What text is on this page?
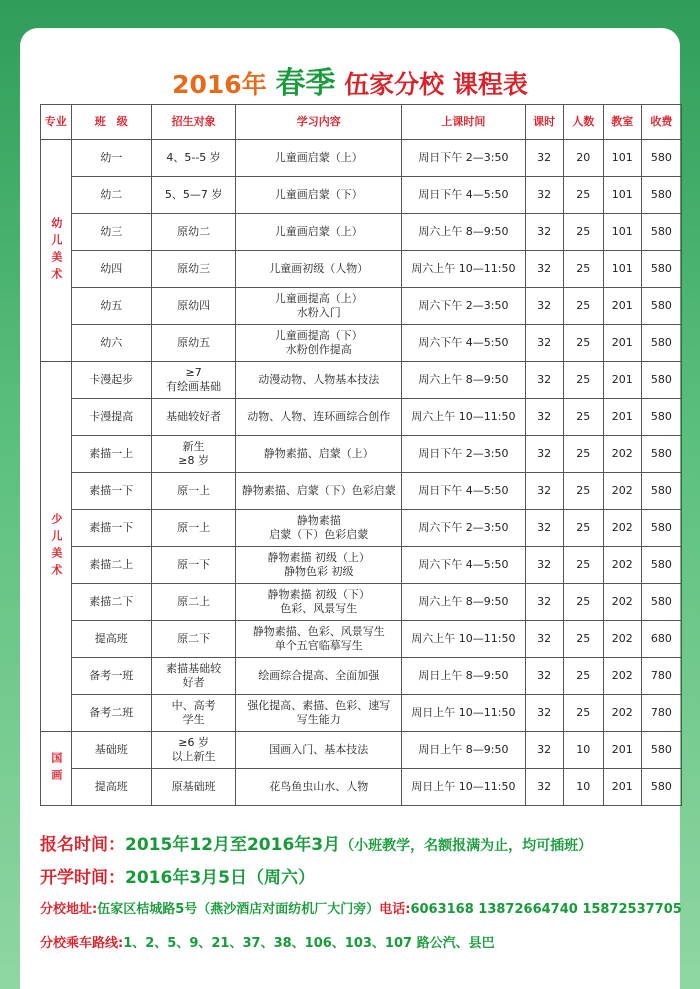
2016年 春季 伍家分校 课程表
专业	班　级	招生对象	学习内容	上课时间	课时	人数	教室	收费
幼儿美术	幼一	4、5--5 岁	儿童画启蒙（上）	周日下午 2—3:50	32	20	101	580
	幼二	5、5—7 岁	儿童画启蒙（下）	周日下午 4—5:50	32	25	101	580
	幼三	原幼二	儿童画启蒙（上）	周六上午 8—9:50	32	25	101	580
	幼四	原幼三	儿童画初级（人物）	周六上午 10—11:50	32	25	101	580
	幼五	原幼四	儿童画提高（上）
水粉入门	周六下午 2—3:50	32	25	201	580
	幼六	原幼五	儿童画提高（下）
水粉创作提高	周六下午 4—5:50	32	25	201	580
少儿美术	卡漫起步	≥7
有绘画基础	动漫动物、人物基本技法	周六上午 8—9:50	32	25	201	580
	卡漫提高	基础较好者	动物、人物、连环画综合创作	周六上午 10—11:50	32	25	201	580
	素描一上	新生
≥8 岁	静物素描、启蒙（上）	周日下午 2—3:50	32	25	202	580
	素描一下	原一上	静物素描、启蒙（下）色彩启蒙	周日下午 4—5:50	32	25	202	580
	素描一下	原一上	静物素描
启蒙（下）色彩启蒙	周六下午 2—3:50	32	25	202	580
	素描二上	原一下	静物素描 初级（上）
静物色彩 初级	周六下午 4—5:50	32	25	202	580
	素描二下	原二上	静物素描 初级（下）
色彩、风景写生	周六上午 8—9:50	32	25	202	580
	提高班	原二下	静物素描、色彩、风景写生
单个五官临摹写生	周六上午 10—11:50	32	25	202	680
	备考一班	素描基础较
好者	绘画综合提高、全面加强	周日上午 8—9:50	32	25	202	780
	备考二班	中、高考
学生	强化提高、素描、色彩、速写
写生能力	周日上午 10—11:50	32	25	202	780
国画	基础班	≥6 岁
以上新生	国画入门、基本技法	周日上午 8—9:50	32	10	201	580
	提高班	原基础班	花鸟鱼虫山水、人物	周日上午 10—11:50	32	10	201	580
报名时间：2015年12月至2016年3月（小班教学，名额报满为止，均可插班）
开学时间：2016年3月5日（周六）
分校地址:伍家区桔城路5号（燕沙酒店对面纺机厂大门旁）电话:6063168 13872664740 15872537705
分校乘车路线:1、2、5、9、21、37、38、106、103、107 路公汽、县巴
